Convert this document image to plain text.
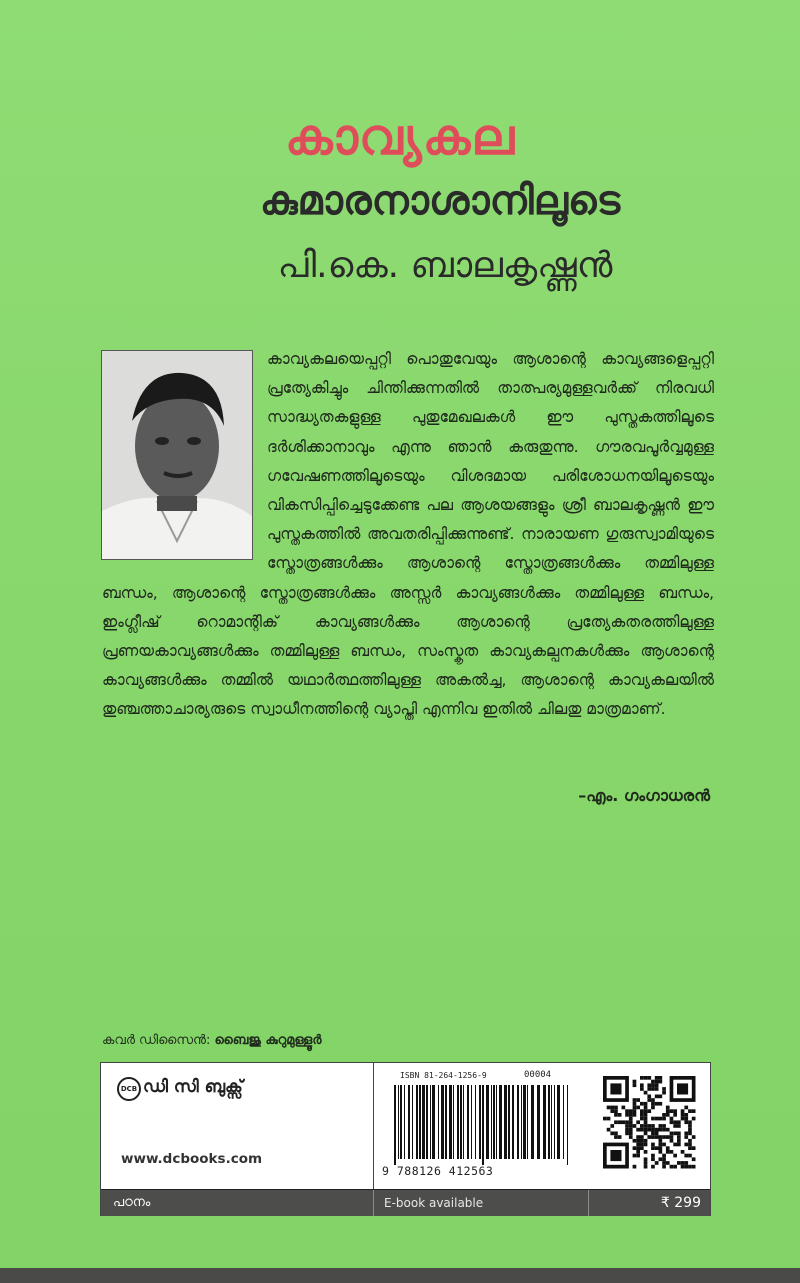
കാവ്യകല
കുമാരനാശാനിലൂടെ
പി.കെ. ബാലകൃഷ്ണൻ
കാവ്യകലയെപ്പറ്റി പൊതുവേയും ആശാന്റെ കാവ്യങ്ങളെപ്പറ്റി പ്രത്യേകിച്ചും ചിന്തിക്കുന്നതിൽ താത്പര്യമുള്ളവർക്ക് നിരവധി സാദ്ധ്യതകളുള്ള പുതുമേഖലകൾ ഈ പുസ്തകത്തിലൂടെ ദർശിക്കാനാവും എന്നു ഞാൻ കരുതുന്നു. ഗൗരവപൂർവ്വമുള്ള ഗവേഷണത്തിലൂടെയും വിശദമായ പരിശോധനയിലൂടെയും വികസിപ്പിച്ചെടുക്കേണ്ട പല ആശയങ്ങളും ശ്രീ ബാലകൃഷ്ണൻ ഈ പുസ്തകത്തിൽ അവതരിപ്പിക്കുന്നുണ്ട്. നാരായണ ഗുരുസ്വാമിയുടെ സ്തോത്രങ്ങൾക്കും ആശാന്റെ സ്തോത്രങ്ങൾക്കും തമ്മിലുള്ള ബന്ധം, ആശാന്റെ സ്തോത്രങ്ങൾക്കും അസ്സർ കാവ്യങ്ങൾക്കും തമ്മിലുള്ള ബന്ധം, ഇംഗ്ലീഷ് റൊമാന്റിക് കാവ്യങ്ങൾക്കും ആശാന്റെ പ്രത്യേകതരത്തിലുള്ള പ്രണയകാവ്യങ്ങൾക്കും തമ്മിലുള്ള ബന്ധം, സംസ്കൃത കാവ്യകല്പനകൾക്കും ആശാന്റെ കാവ്യങ്ങൾക്കും തമ്മിൽ യഥാർത്ഥത്തിലുള്ള അകൽച്ച, ആശാന്റെ കാവ്യകലയിൽ തുഞ്ചത്താചാര്യരുടെ സ്വാധീനത്തിന്റെ വ്യാപ്തി എന്നിവ ഇതിൽ ചിലതു മാത്രമാണ്.
–എം. ഗംഗാധരൻ
കവർ ഡിസൈൻ: ബൈജു കുറുമുള്ളൂർ
DCB ഡി സി ബുക്സ്
www.dcbooks.com
ISBN 81-264-1256-9	00004
9 788126 412563
പഠനം	E-book available	₹ 299
